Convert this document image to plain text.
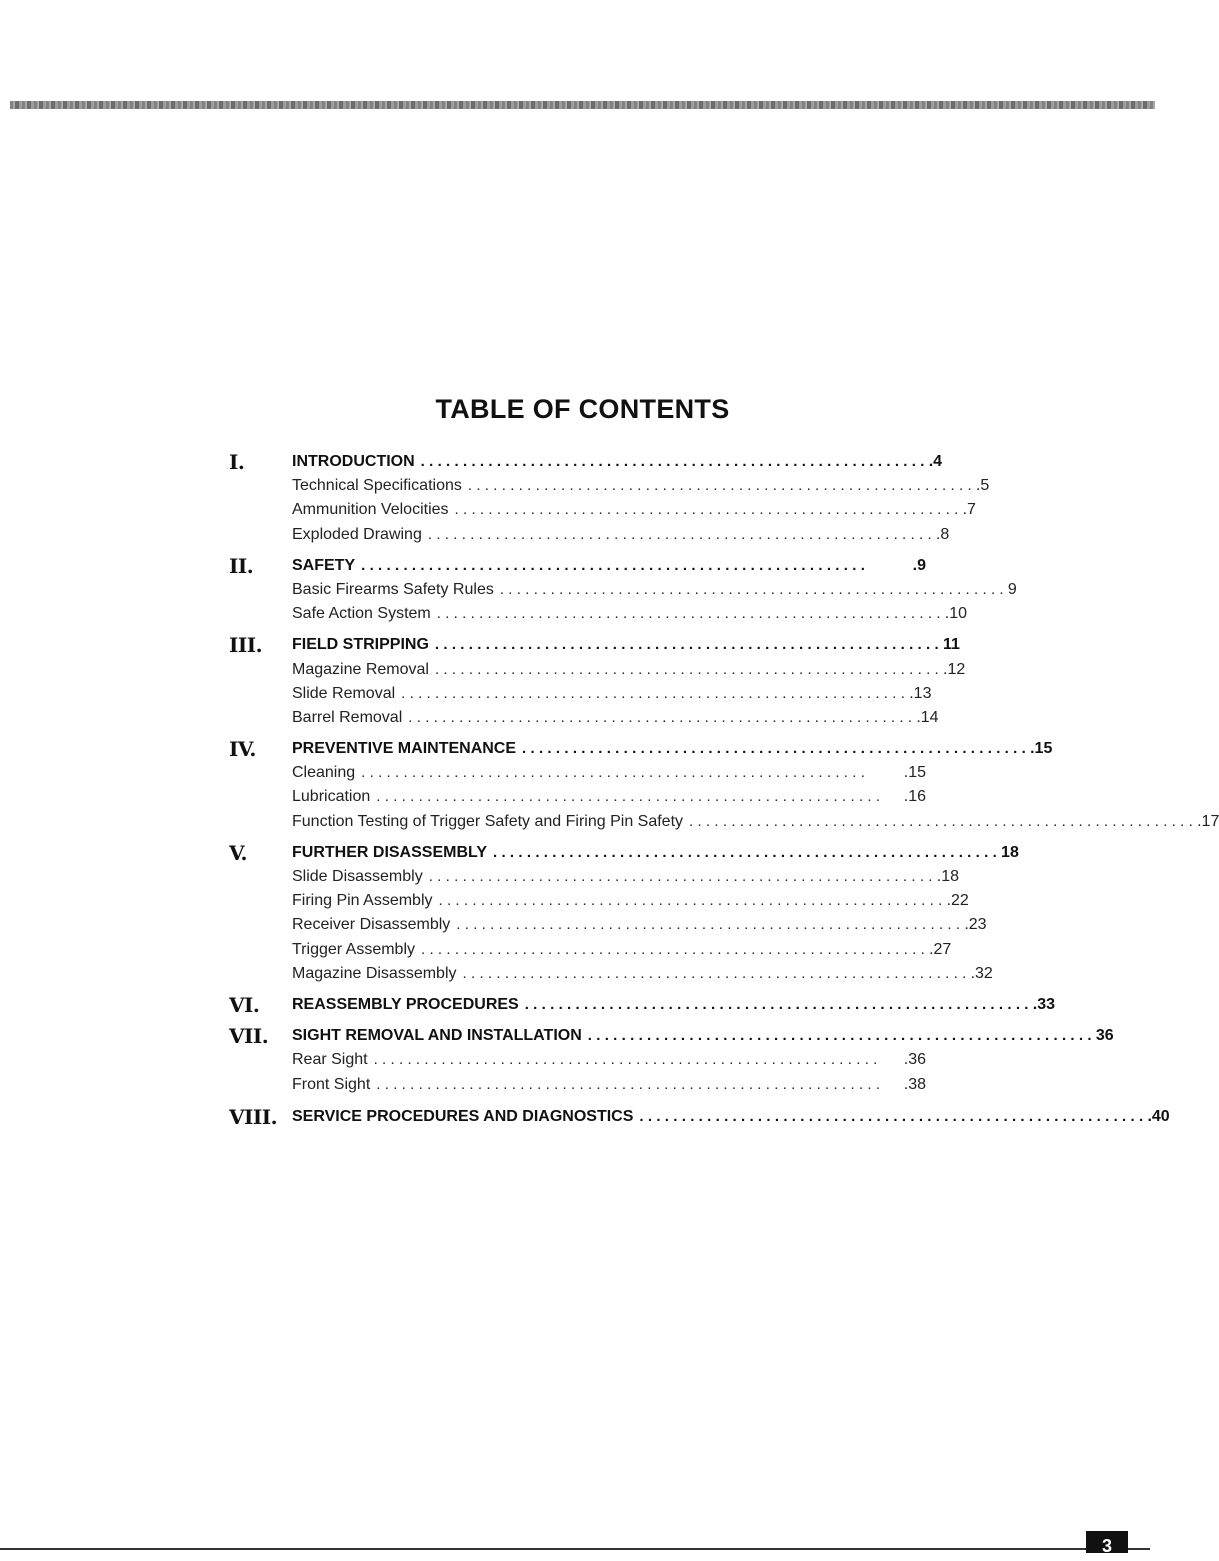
TABLE OF CONTENTS
I.	INTRODUCTION ............................................................ .4
Technical Specifications ............................................................ .5
Ammunition Velocities ............................................................ .7
Exploded Drawing ............................................................ .8
II. SAFETY ............................................................	.9
Basic Firearms Safety Rules ............................................................ 9
Safe Action System ............................................................ .10
III. FIELD STRIPPING ............................................................ 11
Magazine Removal ............................................................ .12
Slide Removal ............................................................ .13
Barrel Removal ............................................................ .14
IV. PREVENTIVE MAINTENANCE ............................................................ .15
Cleaning ............................................................	.15
Lubrication ............................................................	.16
Function Testing of Trigger Safety and Firing Pin Safety ............................................................ .17
V.	FURTHER DISASSEMBLY ............................................................ 18
Slide Disassembly ............................................................ .18
Firing Pin Assembly ............................................................ .22
Receiver Disassembly ............................................................ .23
Trigger Assembly ............................................................ .27
Magazine Disassembly ............................................................ .32
VI. REASSEMBLY PROCEDURES ............................................................ .33
VII. SIGHT REMOVAL AND INSTALLATION ............................................................ 36
Rear Sight ............................................................	.36
Front Sight ............................................................	.38
VIII. SERVICE PROCEDURES AND DIAGNOSTICS ............................................................ .40
3
